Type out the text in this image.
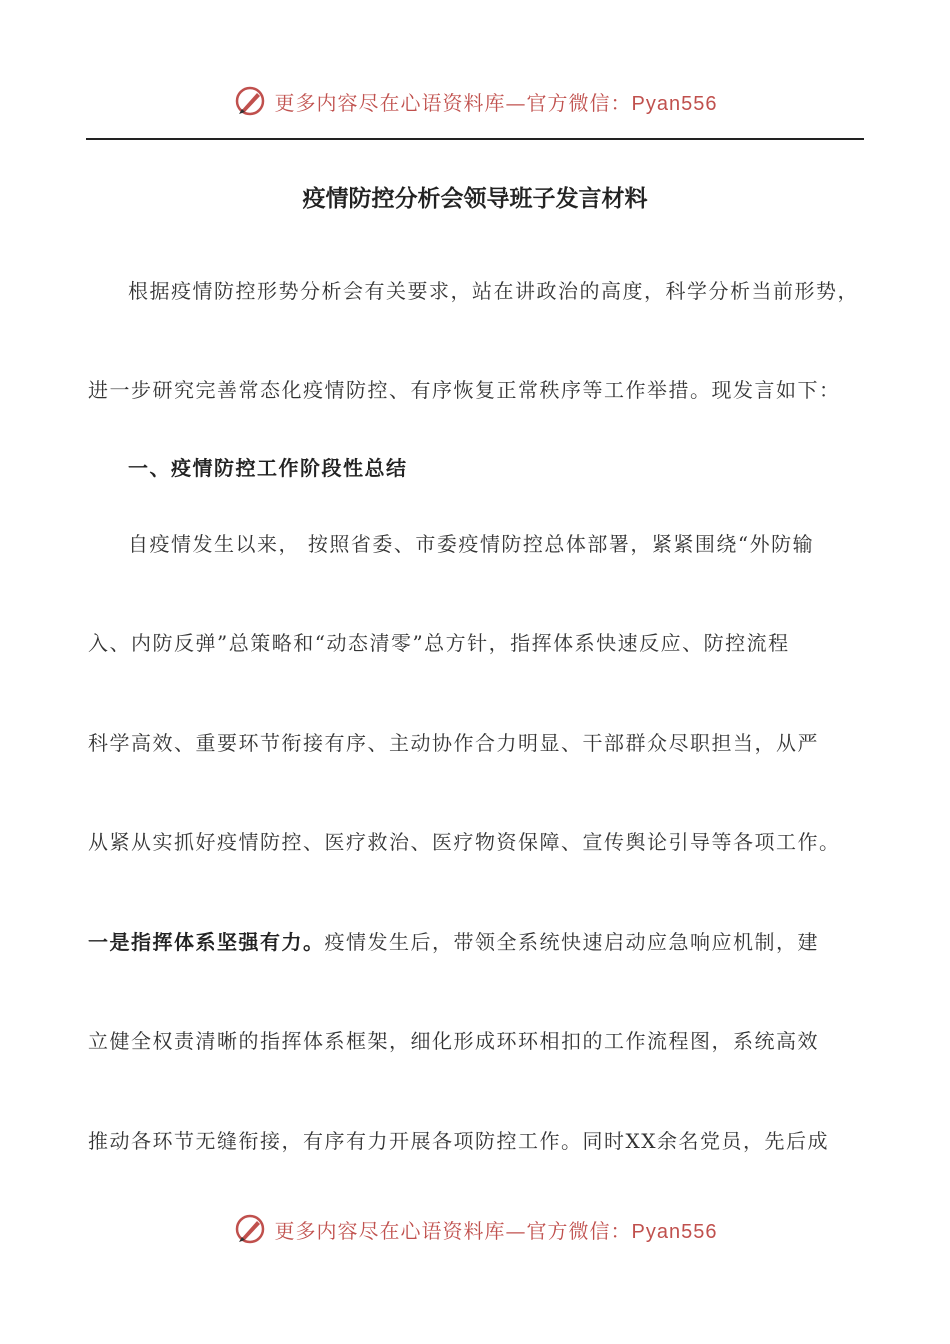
更多内容尽在心语资料库—官方微信：Pyan556
疫情防控分析会领导班子发言材料
根据疫情防控形势分析会有关要求，站在讲政治的高度，科学分析当前形势，
进一步研究完善常态化疫情防控、有序恢复正常秩序等工作举措。现发言如下：
一、疫情防控工作阶段性总结
自疫情发生以来， 按照省委、市委疫情防控总体部署，紧紧围绕“外防输
入、内防反弹”总策略和“动态清零”总方针，指挥体系快速反应、防控流程
科学高效、重要环节衔接有序、主动协作合力明显、干部群众尽职担当，从严
从紧从实抓好疫情防控、医疗救治、医疗物资保障、宣传舆论引导等各项工作。
一是指挥体系坚强有力。疫情发生后，带领全系统快速启动应急响应机制，建
立健全权责清晰的指挥体系框架，细化形成环环相扣的工作流程图，系统高效
推动各环节无缝衔接，有序有力开展各项防控工作。同时XX余名党员，先后成
更多内容尽在心语资料库—官方微信：Pyan556
